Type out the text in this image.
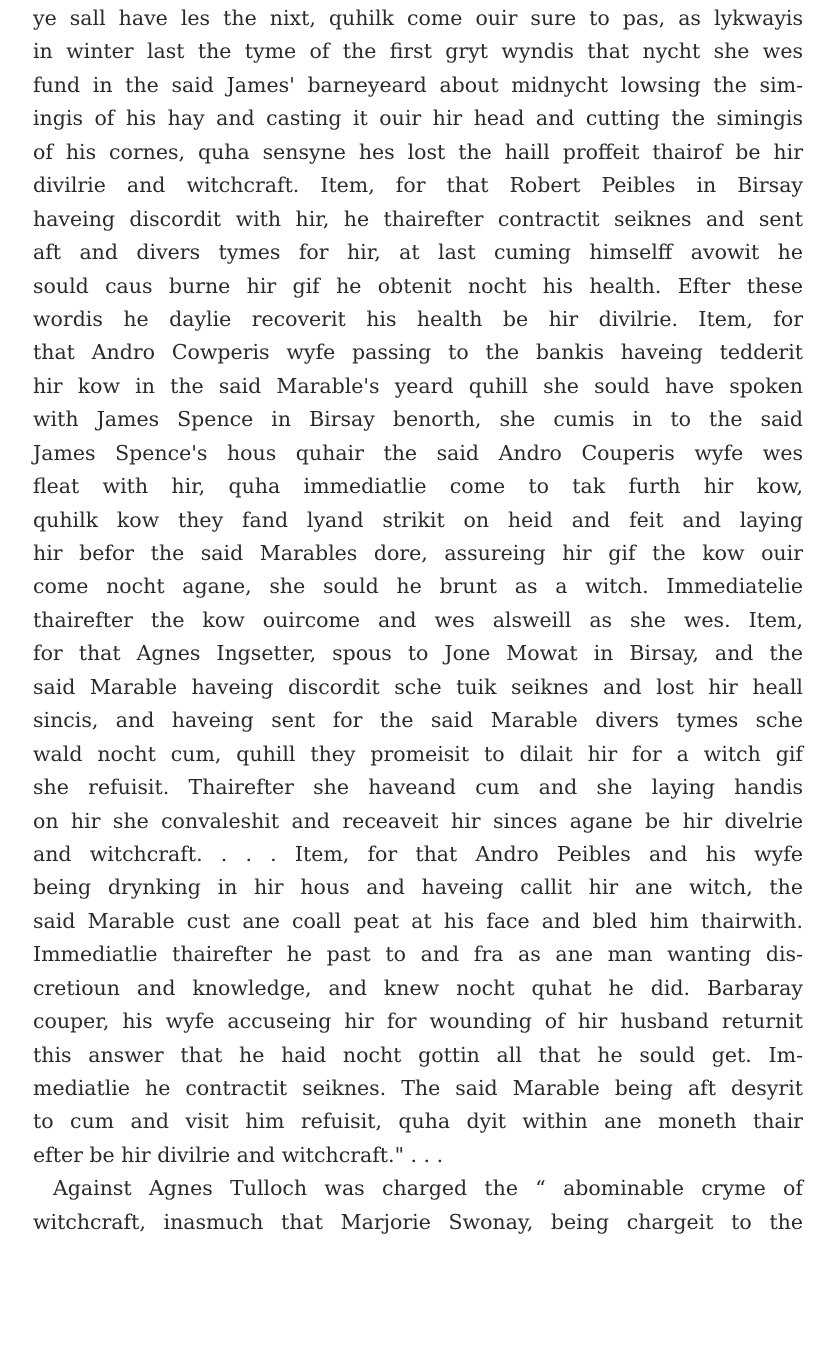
ye sall have les the nixt, quhilk come ouir sure to pas, as lykwayis
in winter last the tyme of the first gryt wyndis that nycht she wes
fund in the said James' barneyeard about midnycht lowsing the sim-
ingis of his hay and casting it ouir hir head and cutting the simingis
of his cornes, quha sensyne hes lost the haill proffeit thairof be hir
divilrie and witchcraft. Item, for that Robert Peibles in Birsay
haveing discordit with hir, he thairefter contractit seiknes and sent
aft and divers tymes for hir, at last cuming himselff avowit he
sould caus burne hir gif he obtenit nocht his health. Efter these
wordis he daylie recoverit his health be hir divilrie. Item, for
that Andro Cowperis wyfe passing to the bankis haveing tedderit
hir kow in the said Marable's yeard quhill she sould have spoken
with James Spence in Birsay benorth, she cumis in to the said
James Spence's hous quhair the said Andro Couperis wyfe wes
fleat with hir, quha immediatlie come to tak furth hir kow,
quhilk kow they fand lyand strikit on heid and feit and laying
hir befor the said Marables dore, assureing hir gif the kow ouir
come nocht agane, she sould he brunt as a witch. Immediatelie
thairefter the kow ouircome and wes alsweill as she wes. Item,
for that Agnes Ingsetter, spous to Jone Mowat in Birsay, and the
said Marable haveing discordit sche tuik seiknes and lost hir heall
sincis, and haveing sent for the said Marable divers tymes sche
wald nocht cum, quhill they promeisit to dilait hir for a witch gif
she refuisit. Thairefter she haveand cum and she laying handis
on hir she convaleshit and receaveit hir sinces agane be hir divelrie
and witchcraft. . . . Item, for that Andro Peibles and his wyfe
being drynking in hir hous and haveing callit hir ane witch, the
said Marable cust ane coall peat at his face and bled him thairwith.
Immediatlie thairefter he past to and fra as ane man wanting dis-
cretioun and knowledge, and knew nocht quhat he did. Barbaray
couper, his wyfe accuseing hir for wounding of hir husband returnit
this answer that he haid nocht gottin all that he sould get. Im-
mediatlie he contractit seiknes. The said Marable being aft desyrit
to cum and visit him refuisit, quha dyit within ane moneth thair
efter be hir divilrie and witchcraft." . . .
Against Agnes Tulloch was charged the “ abominable cryme of
witchcraft, inasmuch that Marjorie Swonay, being chargeit to the
